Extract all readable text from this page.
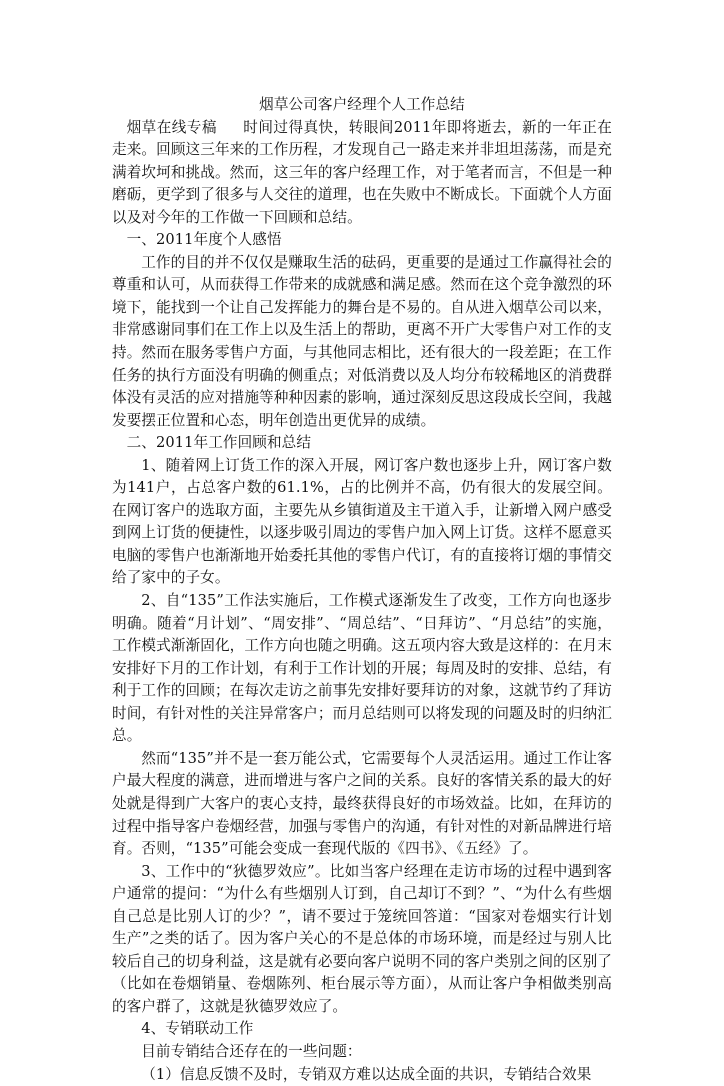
烟草公司客户经理个人工作总结

烟草在线专稿 时间过得真快，转眼间2011年即将逝去，新的一年正在走来。回顾这三年来的工作历程，才发现自己一路走来并非坦坦荡荡，而是充满着坎坷和挑战。然而，这三年的客户经理工作，对于笔者而言，不但是一种磨砺，更学到了很多与人交往的道理，也在失败中不断成长。下面就个人方面以及对今年的工作做一下回顾和总结。

一、2011年度个人感悟

工作的目的并不仅仅是赚取生活的砝码，更重要的是通过工作赢得社会的尊重和认可，从而获得工作带来的成就感和满足感。然而在这个竞争激烈的环境下，能找到一个让自己发挥能力的舞台是不易的。自从进入烟草公司以来，非常感谢同事们在工作上以及生活上的帮助，更离不开广大零售户对工作的支持。然而在服务零售户方面，与其他同志相比，还有很大的一段差距；在工作任务的执行方面没有明确的侧重点；对低消费以及人均分布较稀地区的消费群体没有灵活的应对措施等种种因素的影响，通过深刻反思这段成长空间，我越发要摆正位置和心态，明年创造出更优异的成绩。

二、2011年工作回顾和总结

1、随着网上订货工作的深入开展，网订客户数也逐步上升，网订客户数为141户，占总客户数的61.1%，占的比例并不高，仍有很大的发展空间。在网订客户的选取方面，主要先从乡镇街道及主干道入手，让新增入网户感受到网上订货的便捷性，以逐步吸引周边的零售户加入网上订货。这样不愿意买电脑的零售户也渐渐地开始委托其他的零售户代订，有的直接将订烟的事情交给了家中的子女。

2、自“135”工作法实施后，工作模式逐渐发生了改变，工作方向也逐步明确。随着“月计划”、“周安排”、“周总结”、“日拜访”、“月总结”的实施，工作模式渐渐固化，工作方向也随之明确。这五项内容大致是这样的：在月末安排好下月的工作计划，有利于工作计划的开展；每周及时的安排、总结，有利于工作的回顾；在每次走访之前事先安排好要拜访的对象，这就节约了拜访时间，有针对性的关注异常客户；而月总结则可以将发现的问题及时的归纳汇总。

然而“135”并不是一套万能公式，它需要每个人灵活运用。通过工作让客户最大程度的满意，进而增进与客户之间的关系。良好的客情关系的最大的好处就是得到广大客户的衷心支持，最终获得良好的市场效益。比如，在拜访的过程中指导客户卷烟经营，加强与零售户的沟通，有针对性的对新品牌进行培育。否则，“135”可能会变成一套现代版的《四书》、《五经》了。

3、工作中的“狄德罗效应”。比如当客户经理在走访市场的过程中遇到客户通常的提问：“为什么有些烟别人订到，自己却订不到？”、“为什么有些烟自己总是比别人订的少？”，请不要过于笼统回答道：“国家对卷烟实行计划生产”之类的话了。因为客户关心的不是总体的市场环境，而是经过与别人比较后自己的切身利益，这是就有必要向客户说明不同的客户类别之间的区别了（比如在卷烟销量、卷烟陈列、柜台展示等方面），从而让客户争相做类别高的客户群了，这就是狄德罗效应了。

4、专销联动工作

目前专销结合还存在的一些问题：

（1）信息反馈不及时，专销双方难以达成全面的共识，专销结合效果
